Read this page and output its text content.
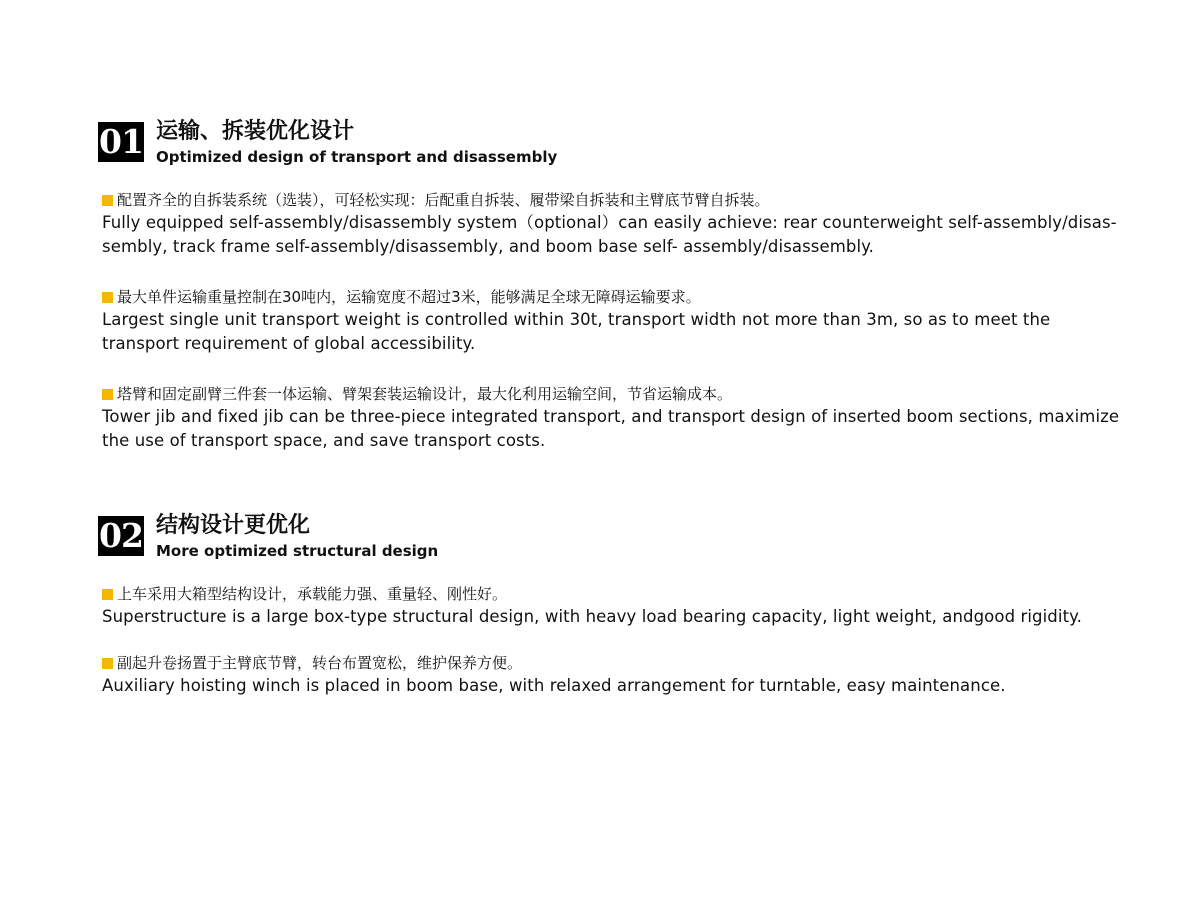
01 运输、拆装优化设计
Optimized design of transport and disassembly
配置齐全的自拆装系统（选装），可轻松实现：后配重自拆装、履带梁自拆装和主臂底节臂自拆装。
Fully equipped self-assembly/disassembly system（optional）can easily achieve: rear counterweight self-assembly/disas-sembly, track frame self-assembly/disassembly, and boom base self- assembly/disassembly.
最大单件运输重量控制在30吨内，运输宽度不超过3米，能够满足全球无障碍运输要求。
Largest single unit transport weight is controlled within 30t, transport width not more than 3m, so as to meet the transport requirement of global accessibility.
塔臂和固定副臂三件套一体运输、臂架套装运输设计，最大化利用运输空间，节省运输成本。
Tower jib and fixed jib can be three-piece integrated transport, and transport design of inserted boom sections, maximize the use of transport space, and save transport costs.
02 结构设计更优化
More optimized structural design
上车采用大箱型结构设计，承载能力强、重量轻、刚性好。
Superstructure is a large box-type structural design, with heavy load bearing capacity, light weight, andgood rigidity.
副起升卷扬置于主臂底节臂，转台布置宽松，维护保养方便。
Auxiliary hoisting winch is placed in boom base, with relaxed arrangement for turntable, easy maintenance.
